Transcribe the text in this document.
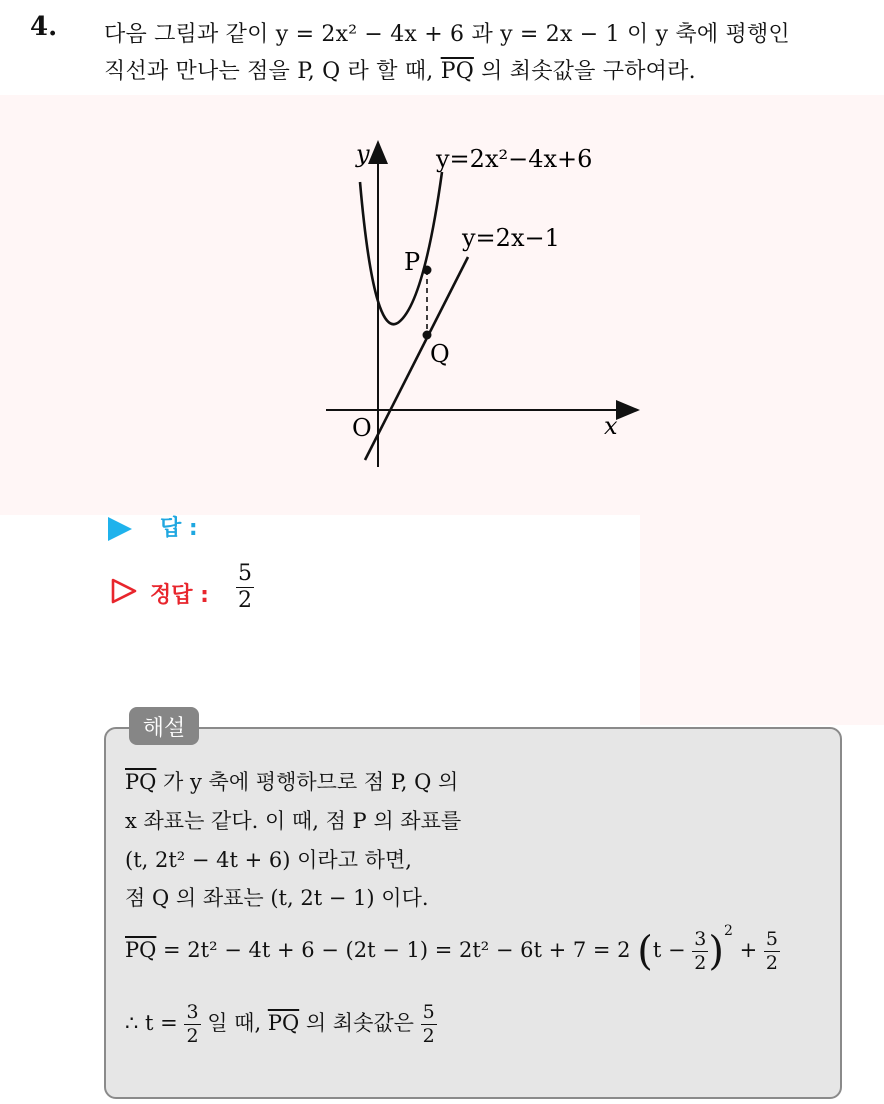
4. 다음 그림과 같이 y = 2x² − 4x + 6 과 y = 2x − 1 이 y 축에 평행인
직선과 만나는 점을 P, Q 라 할 때, $\overline{PQ}$ 의 최솟값을 구하여라.
y
x
O
P
Q
y=2x²−4x+6
y=2x−1
답 :
정답 : $\frac{5}{2}$
해설
$\overline{PQ}$ 가 y 축에 평행하므로 점 P, Q 의
x 좌표는 같다. 이 때, 점 P 의 좌표를
(t, 2t² − 4t + 6) 이라고 하면,
점 Q 의 좌표는 (t, 2t − 1) 이다.
$\overline{PQ} = 2t^2 - 4t + 6 - (2t - 1) = 2t^2 - 6t + 7 = 2$ $(t - \frac{3}{2} )^2 + \frac{5}{2}$
∴ $t = \frac{3}{2}$ 일 때, $\overline{PQ}$ 의 최솟값은 $\frac{5}{2}$
